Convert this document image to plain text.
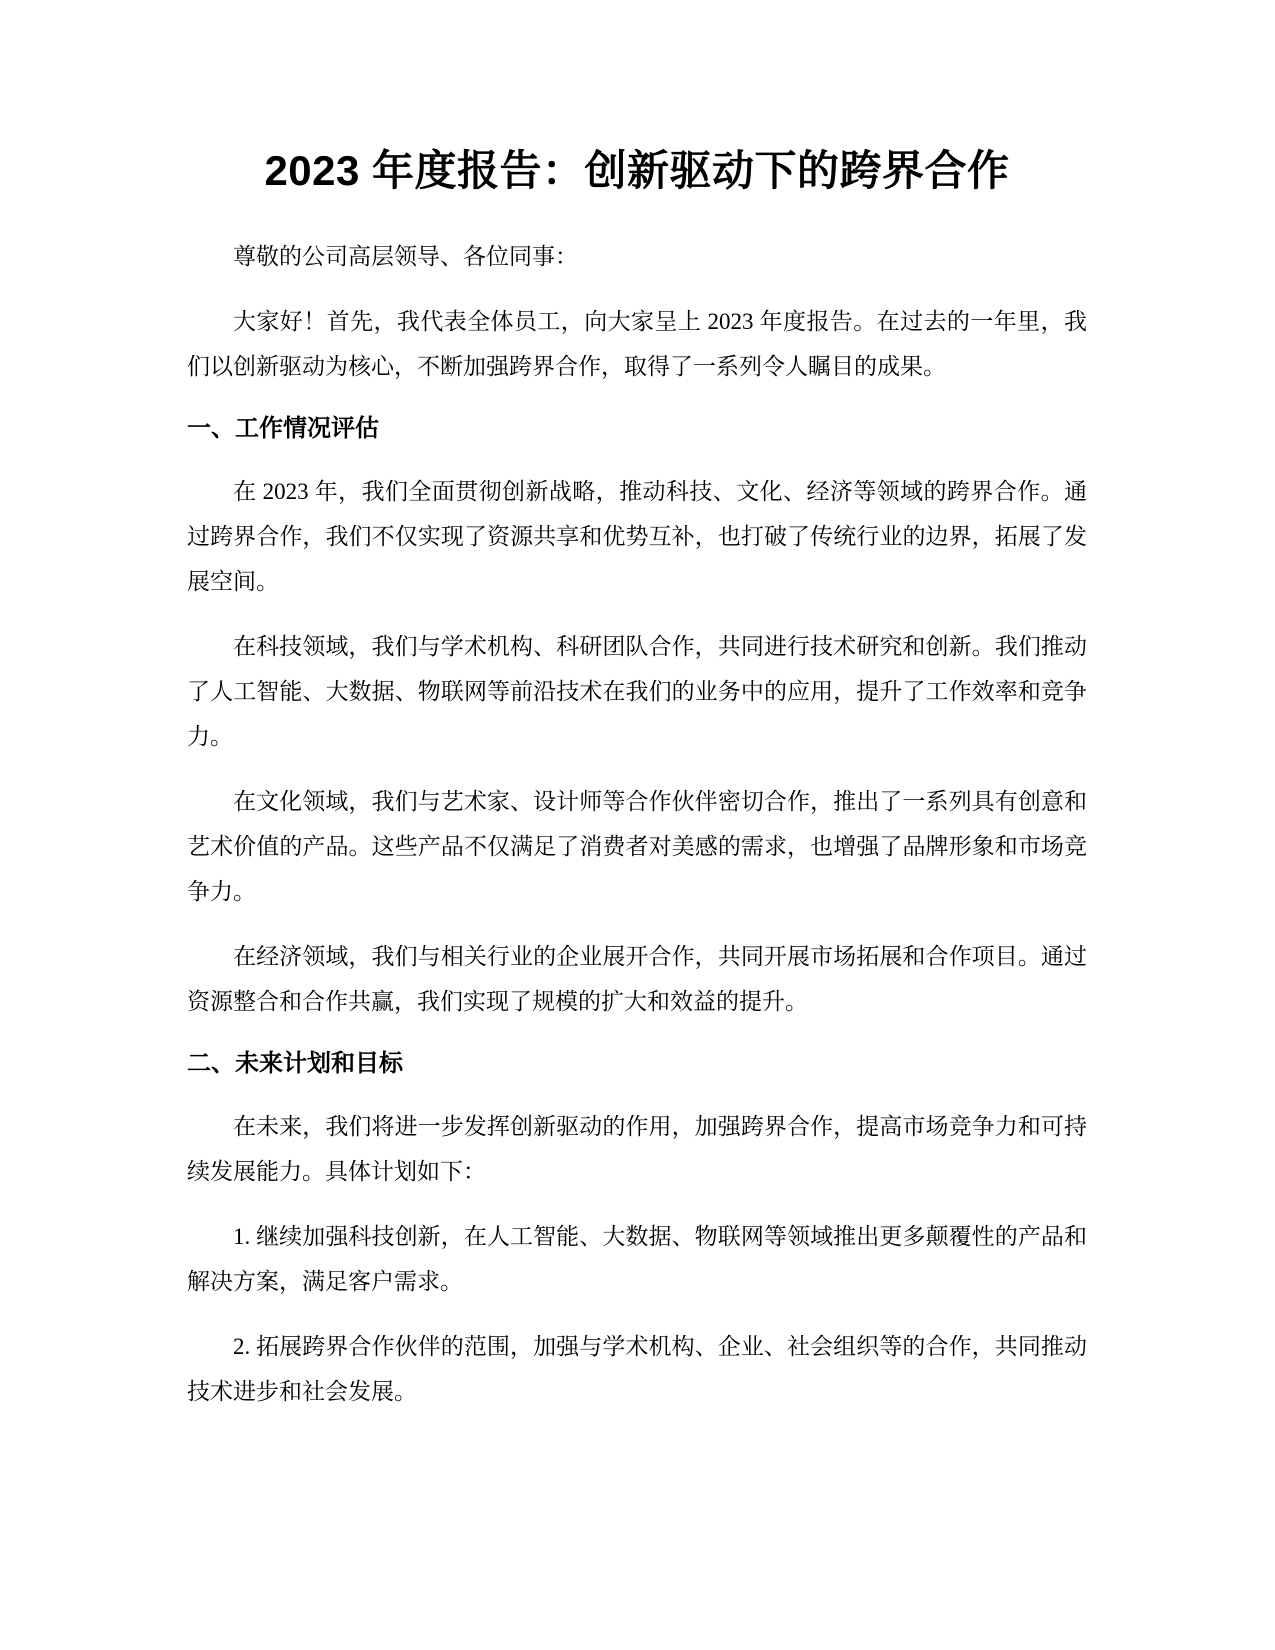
2023 年度报告：创新驱动下的跨界合作

尊敬的公司高层领导、各位同事：

大家好！首先，我代表全体员工，向大家呈上 2023 年度报告。在过去的一年里，我们以创新驱动为核心，不断加强跨界合作，取得了一系列令人瞩目的成果。

一、工作情况评估

在 2023 年，我们全面贯彻创新战略，推动科技、文化、经济等领域的跨界合作。通过跨界合作，我们不仅实现了资源共享和优势互补，也打破了传统行业的边界，拓展了发展空间。

在科技领域，我们与学术机构、科研团队合作，共同进行技术研究和创新。我们推动了人工智能、大数据、物联网等前沿技术在我们的业务中的应用，提升了工作效率和竞争力。

在文化领域，我们与艺术家、设计师等合作伙伴密切合作，推出了一系列具有创意和艺术价值的产品。这些产品不仅满足了消费者对美感的需求，也增强了品牌形象和市场竞争力。

在经济领域，我们与相关行业的企业展开合作，共同开展市场拓展和合作项目。通过资源整合和合作共赢，我们实现了规模的扩大和效益的提升。

二、未来计划和目标

在未来，我们将进一步发挥创新驱动的作用，加强跨界合作，提高市场竞争力和可持续发展能力。具体计划如下：

1. 继续加强科技创新，在人工智能、大数据、物联网等领域推出更多颠覆性的产品和解决方案，满足客户需求。

2. 拓展跨界合作伙伴的范围，加强与学术机构、企业、社会组织等的合作，共同推动技术进步和社会发展。
